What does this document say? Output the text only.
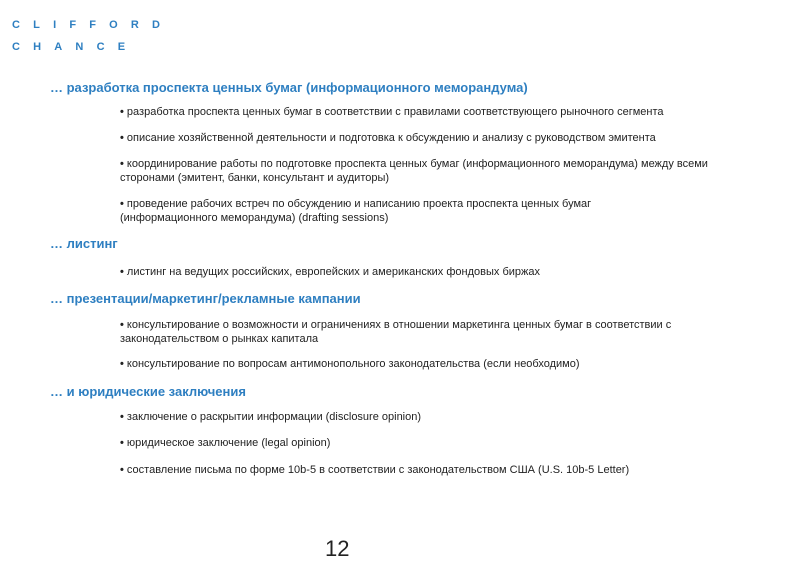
CLIFFORD
CHANCE
… разработка проспекта ценных бумаг (информационного меморандума)
• разработка проспекта ценных бумаг в соответствии с правилами соответствующего рыночного сегмента
• описание хозяйственной деятельности и подготовка к обсуждению и анализу с руководством эмитента
• координирование работы по подготовке проспекта ценных бумаг (информационного меморандума) между всеми сторонами (эмитент, банки, консультант и аудиторы)
• проведение рабочих встреч по обсуждению и написанию проекта проспекта ценных бумаг (информационного меморандума) (drafting sessions)
… листинг
• листинг на ведущих российских, европейских и американских фондовых биржах
… презентации/маркетинг/рекламные кампании
• консультирование о возможности и ограничениях в отношении маркетинга ценных бумаг в соответствии с законодательством о рынках капитала
• консультирование по вопросам антимонопольного законодательства (если необходимо)
… и юридические заключения
• заключение о раскрытии информации (disclosure opinion)
• юридическое заключение (legal opinion)
• составление письма по форме 10b-5 в соответствии с законодательством США (U.S. 10b-5 Letter)
12
